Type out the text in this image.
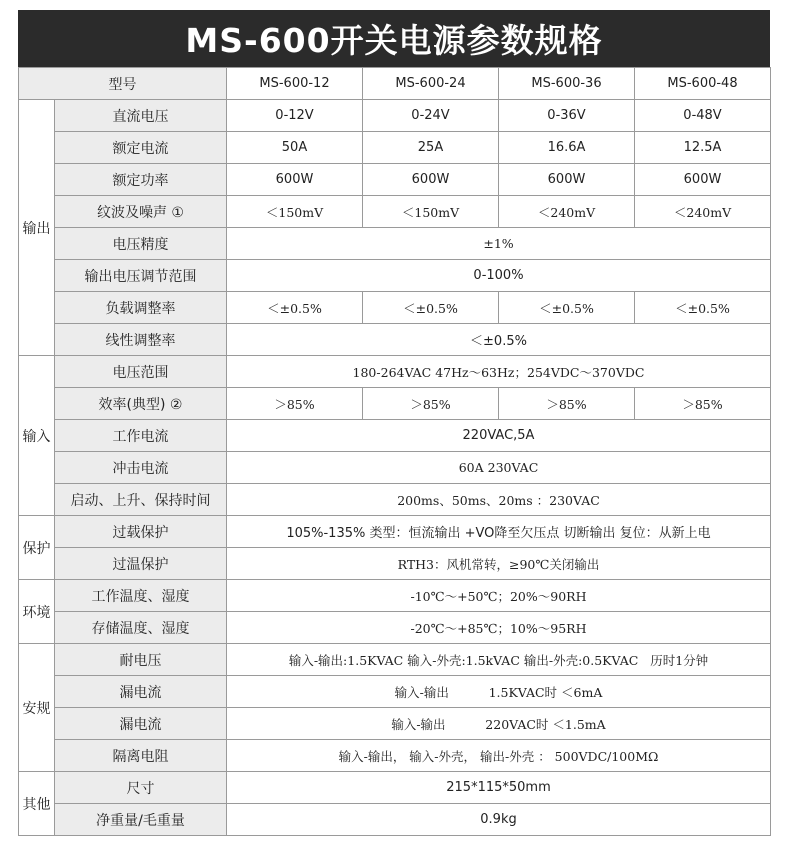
MS-600开关电源参数规格
型号		MS-600-12	MS-600-24	MS-600-36	MS-600-48
输出	直流电压	0-12V	0-24V	0-36V	0-48V
	额定电流	50A	25A	16.6A	12.5A
	额定功率	600W	600W	600W	600W
	纹波及噪声 ①	＜150mV	＜150mV	＜240mV	＜240mV
	电压精度	±1%			
	输出电压调节范围	0-100%			
	负载调整率	＜±0.5%	＜±0.5%	＜±0.5%	＜±0.5%
	线性调整率	＜±0.5%			
输入	电压范围	180-264VAC 47Hz～63Hz；254VDC～370VDC			
	效率(典型) ②	＞85%	＞85%	＞85%	＞85%
	工作电流	220VAC,5A			
	冲击电流	60A 230VAC			
	启动、上升、保持时间	200ms、50ms、20ms ：230VAC			
保护	过载保护	105%-135% 类型：恒流输出 +VO降至欠压点 切断输出 复位：从新上电			
	过温保护	RTH3：风机常转，≥90℃关闭输出			
环境	工作温度、湿度	-10℃～+50℃；20%～90RH			
	存储温度、湿度	-20℃～+85℃；10%～95RH			
安规	耐电压	输入-输出:1.5KVAC 输入-外壳:1.5kVAC 输出-外壳:0.5KVAC   历时1分钟			
	漏电流	输入-输出          1.5KVAC时 ＜6mA			
	漏电流	输入-输出          220VAC时 ＜1.5mA			
	隔离电阻	输入-输出， 输入-外壳， 输出-外壳 ： 500VDC/100MΩ			
其他	尺寸	215*115*50mm			
	净重量/毛重量	0.9kg			
